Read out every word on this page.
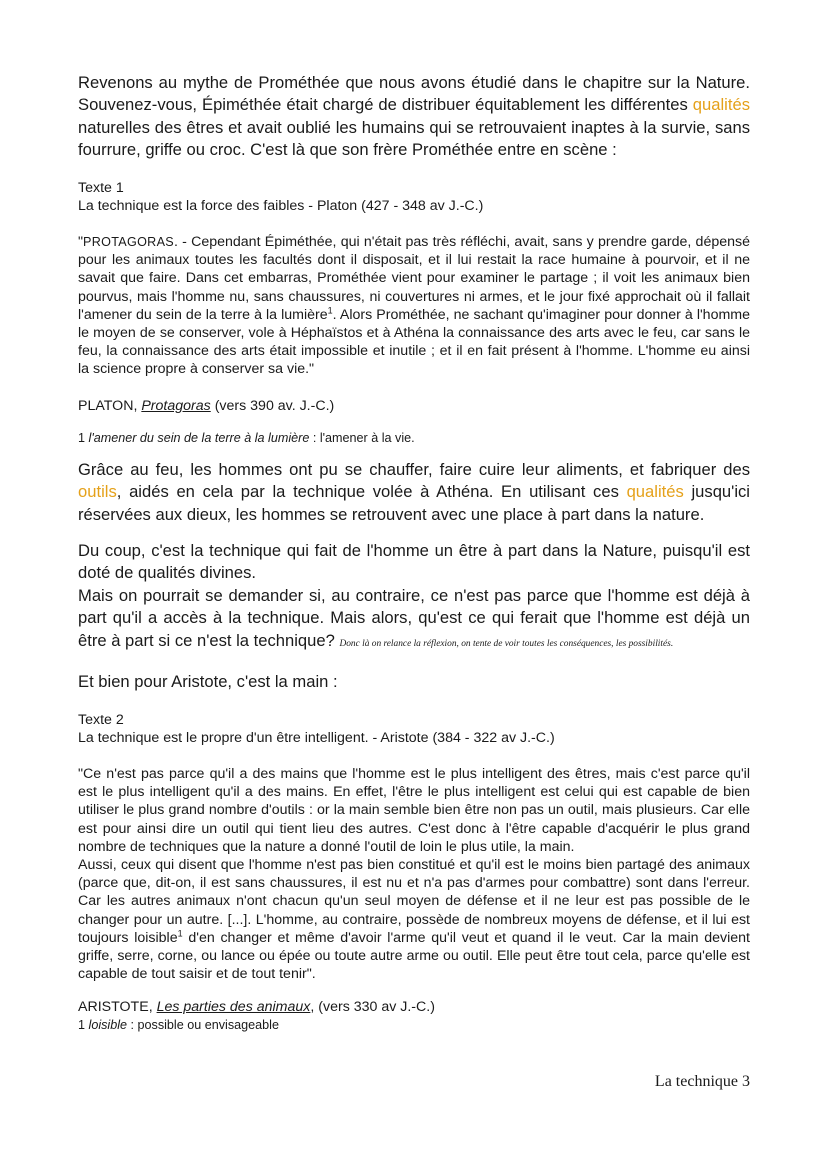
Revenons au mythe de Prométhée que nous avons étudié dans le chapitre sur la Nature. Souvenez-vous, Épiméthée était chargé de distribuer équitablement les différentes qualités naturelles des êtres et avait oublié les humains qui se retrouvaient inaptes à la survie, sans fourrure, griffe ou croc. C'est là que son frère Prométhée entre en scène :

Texte 1

La technique est la force des faibles - Platon (427 - 348 av J.-C.)

"PROTAGORAS. - Cependant Épiméthée, qui n'était pas très réfléchi, avait, sans y prendre garde, dépensé pour les animaux toutes les facultés dont il disposait, et il lui restait la race humaine à pourvoir, et il ne savait que faire. Dans cet embarras, Prométhée vient pour examiner le partage ; il voit les animaux bien pourvus, mais l'homme nu, sans chaussures, ni couvertures ni armes, et le jour fixé approchait où il fallait l'amener du sein de la terre à la lumière$^1$. Alors Prométhée, ne sachant qu'imaginer pour donner à l'homme le moyen de se conserver, vole à Héphaïstos et à Athéna la connaissance des arts avec le feu, car sans le feu, la connaissance des arts était impossible et inutile ; et il en fait présent à l'homme. L'homme eu ainsi la science propre à conserver sa vie."

PLATON, Protagoras (vers 390 av. J.-C.)

1 l'amener du sein de la terre à la lumière : l'amener à la vie.

Grâce au feu, les hommes ont pu se chauffer, faire cuire leur aliments, et fabriquer des outils, aidés en cela par la technique volée à Athéna. En utilisant ces qualités jusqu'ici réservées aux dieux, les hommes se retrouvent avec une place à part dans la nature.

Du coup, c'est la technique qui fait de l'homme un être à part dans la Nature, puisqu'il est doté de qualités divines.

Mais on pourrait se demander si, au contraire, ce n'est pas parce que l'homme est déjà à part qu'il a accès à la technique. Mais alors, qu'est ce qui ferait que l'homme est déjà un être à part si ce n'est la technique? Donc là on relance la réflexion, on tente de voir toutes les conséquences, les possibilités.

Et bien pour Aristote, c'est la main :

Texte 2

La technique est le propre d'un être intelligent. - Aristote (384 - 322 av J.-C.)

"Ce n'est pas parce qu'il a des mains que l'homme est le plus intelligent des êtres, mais c'est parce qu'il est le plus intelligent qu'il a des mains. En effet, l'être le plus intelligent est celui qui est capable de bien utiliser le plus grand nombre d'outils : or la main semble bien être non pas un outil, mais plusieurs. Car elle est pour ainsi dire un outil qui tient lieu des autres. C'est donc à l'être capable d'acquérir le plus grand nombre de techniques que la nature a donné l'outil de loin le plus utile, la main.

Aussi, ceux qui disent que l'homme n'est pas bien constitué et qu'il est le moins bien partagé des animaux (parce que, dit-on, il est sans chaussures, il est nu et n'a pas d'armes pour combattre) sont dans l'erreur. Car les autres animaux n'ont chacun qu'un seul moyen de défense et il ne leur est pas possible de le changer pour un autre. [...]. L'homme, au contraire, possède de nombreux moyens de défense, et il lui est toujours loisible$^1$ d'en changer et même d'avoir l'arme qu'il veut et quand il le veut. Car la main devient griffe, serre, corne, ou lance ou épée ou toute autre arme ou outil. Elle peut être tout cela, parce qu'elle est capable de tout saisir et de tout tenir".

ARISTOTE, Les parties des animaux, (vers 330 av J.-C.)

1 loisible : possible ou envisageable

La technique 3
